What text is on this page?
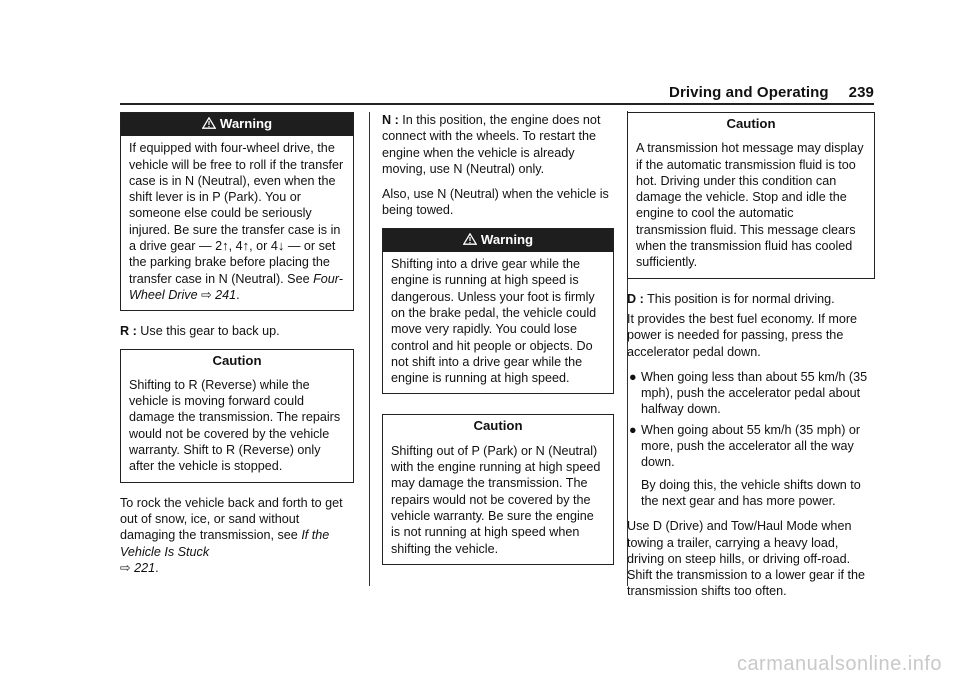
Driving and Operating 239
Warning
If equipped with four-wheel drive, the vehicle will be free to roll if the transfer case is in N (Neutral), even when the shift lever is in P (Park). You or someone else could be seriously injured. Be sure the transfer case is in a drive gear — 2↑, 4↑, or 4↓ — or set the parking brake before placing the transfer case in N (Neutral). See Four-Wheel Drive ⇨ 241.

R : Use this gear to back up.

Caution
Shifting to R (Reverse) while the vehicle is moving forward could damage the transmission. The repairs would not be covered by the vehicle warranty. Shift to R (Reverse) only after the vehicle is stopped.

To rock the vehicle back and forth to get out of snow, ice, or sand without damaging the transmission, see If the Vehicle Is Stuck
⇨ 221.

N : In this position, the engine does not connect with the wheels. To restart the engine when the vehicle is already moving, use N (Neutral) only.

Also, use N (Neutral) when the vehicle is being towed.

Warning
Shifting into a drive gear while the engine is running at high speed is dangerous. Unless your foot is firmly on the brake pedal, the vehicle could move very rapidly. You could lose control and hit people or objects. Do not shift into a drive gear while the engine is running at high speed.
Caution
Shifting out of P (Park) or N (Neutral) with the engine running at high speed may damage the transmission. The repairs would not be covered by the vehicle warranty. Be sure the engine is not running at high speed when shifting the vehicle.
Caution
A transmission hot message may display if the automatic transmission fluid is too hot. Driving under this condition can damage the vehicle. Stop and idle the engine to cool the automatic transmission fluid. This message clears when the transmission fluid has cooled sufficiently.
D : This position is for normal driving.

It provides the best fuel economy. If more power is needed for passing, press the accelerator pedal down.

● When going less than about 55 km/h (35 mph), push the accelerator pedal about halfway down.
● When going about 55 km/h (35 mph) or more, push the accelerator all the way down.
By doing this, the vehicle shifts down to the next gear and has more power.

Use D (Drive) and Tow/Haul Mode when towing a trailer, carrying a heavy load, driving on steep hills, or driving off-road. Shift the transmission to a lower gear if the transmission shifts too often.

carmanualsonline.info
